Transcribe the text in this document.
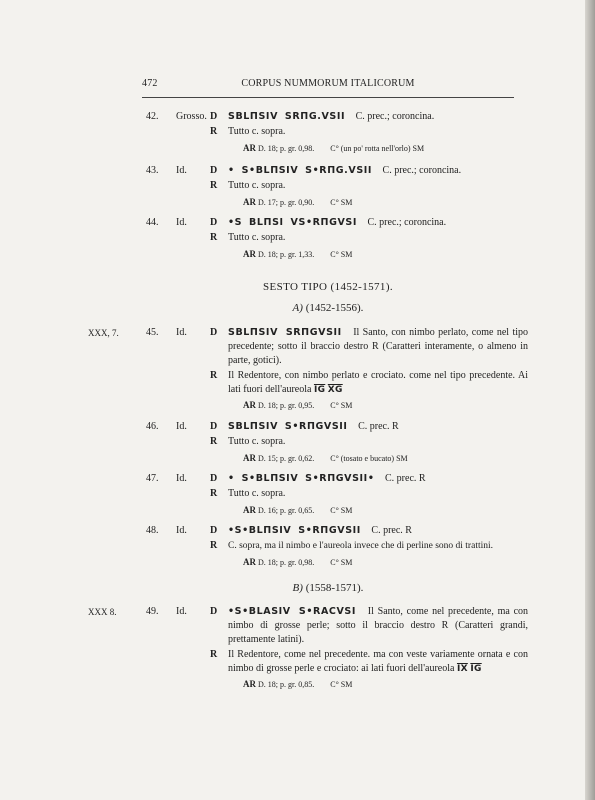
472	CORPUS NUMMORUM ITALICORUM
42. Grosso. D	SBLПSIV SRПG.VSII C. prec.; coroncina.
R	Tutto c. sopra.
AR D. 18; p. gr. 0,98. C° (un po' rotta nell'orlo) SM
43. Id. D	• S•BLПSIV S•RПG.VSII C. prec.; coroncina.
R	Tutto c. sopra.
AR D. 17; p. gr. 0,90. C° SM
44. Id. D	•S BLПSI VS•RПGVSI C. prec.; coroncina.
R	Tutto c. sopra.
AR D. 18; p. gr. 1,33. C° SM
SESTO TIPO (1452-1571).
A) (1452-1556).
XXX, 7.	45. Id. D	SBLПSIV SRПGVSII Il Santo, con nimbo perlato, come nel tipo precedente; sotto il braccio destro R (Caratteri interamente, o almeno in parte, gotici).
R	Il Redentore, con nimbo perlato e crociato. come nel tipo precedente. Ai lati fuori dell'aureola $\overline{IG}$ $\overline{XG}$
AR D. 18; p. gr. 0,95. C° SM
46. Id. D	SBLПSIV S•RПGVSII C. prec. R
R	Tutto c. sopra.
AR D. 15; p. gr. 0,62. C° (tosato e bucato) SM
47. Id. D	• S•BLПSIV S•RПGVSII• C. prec. R
R	Tutto c. sopra.
AR D. 16; p. gr. 0,65. C° SM
48. Id. D	•S•BLПSIV S•RПGVSII C. prec. R
R	C. sopra, ma il nimbo e l'aureola invece che di perline sono di trattini.
AR D. 18; p. gr. 0,98. C° SM
B) (1558-1571).
XXX 8.	49. Id. D	•S•BLASIV S•RACVSI Il Santo, come nel precedente, ma con nimbo di grosse perle; sotto il braccio destro R (Caratteri grandi, prettamente latini).
R	Il Redentore, come nel precedente. ma con veste variamente ornata e con nimbo di grosse perle e crociato: ai lati fuori dell'aureola $\overline{IX}$ $\overline{IG}$
AR D. 18; p. gr. 0,85. C° SM
